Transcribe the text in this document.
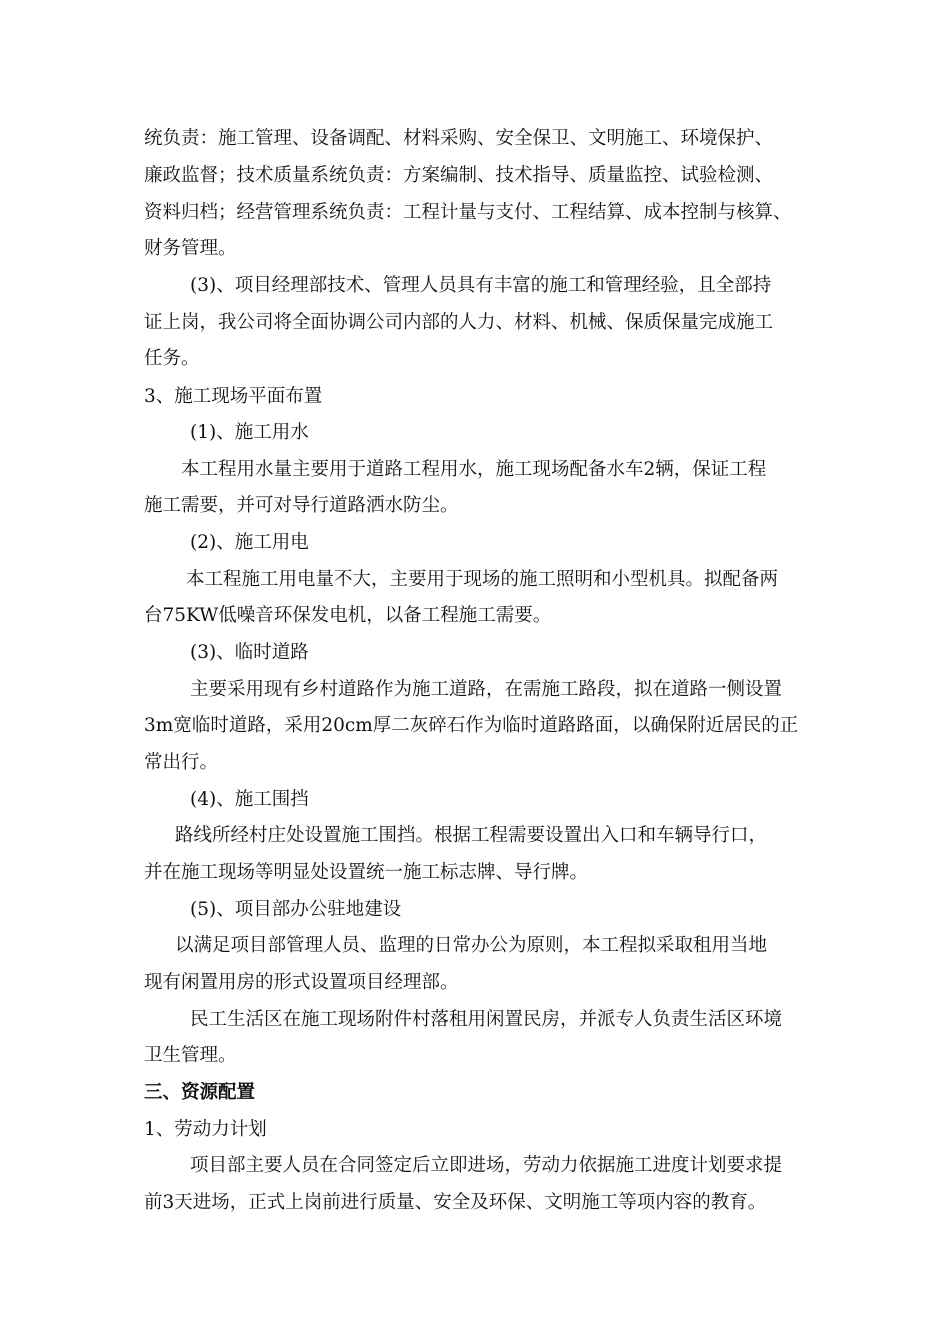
统负责：施工管理、设备调配、材料采购、安全保卫、文明施工、环境保护、
廉政监督；技术质量系统负责：方案编制、技术指导、质量监控、试验检测、
资料归档；经营管理系统负责：工程计量与支付、工程结算、成本控制与核算、
财务管理。
(3)、项目经理部技术、管理人员具有丰富的施工和管理经验，且全部持
证上岗，我公司将全面协调公司内部的人力、材料、机械、保质保量完成施工
任务。
3、施工现场平面布置
(1)、施工用水
本工程用水量主要用于道路工程用水，施工现场配备水车2辆，保证工程
施工需要，并可对导行道路洒水防尘。
(2)、施工用电
本工程施工用电量不大，主要用于现场的施工照明和小型机具。拟配备两
台75KW低噪音环保发电机，以备工程施工需要。
(3)、临时道路
主要采用现有乡村道路作为施工道路，在需施工路段，拟在道路一侧设置
3m宽临时道路，采用20cm厚二灰碎石作为临时道路路面，以确保附近居民的正
常出行。
(4)、施工围挡
路线所经村庄处设置施工围挡。根据工程需要设置出入口和车辆导行口，
并在施工现场等明显处设置统一施工标志牌、导行牌。
(5)、项目部办公驻地建设
以满足项目部管理人员、监理的日常办公为原则，本工程拟采取租用当地
现有闲置用房的形式设置项目经理部。
民工生活区在施工现场附件村落租用闲置民房，并派专人负责生活区环境
卫生管理。
三、资源配置
1、劳动力计划
项目部主要人员在合同签定后立即进场，劳动力依据施工进度计划要求提
前3天进场，正式上岗前进行质量、安全及环保、文明施工等项内容的教育。
